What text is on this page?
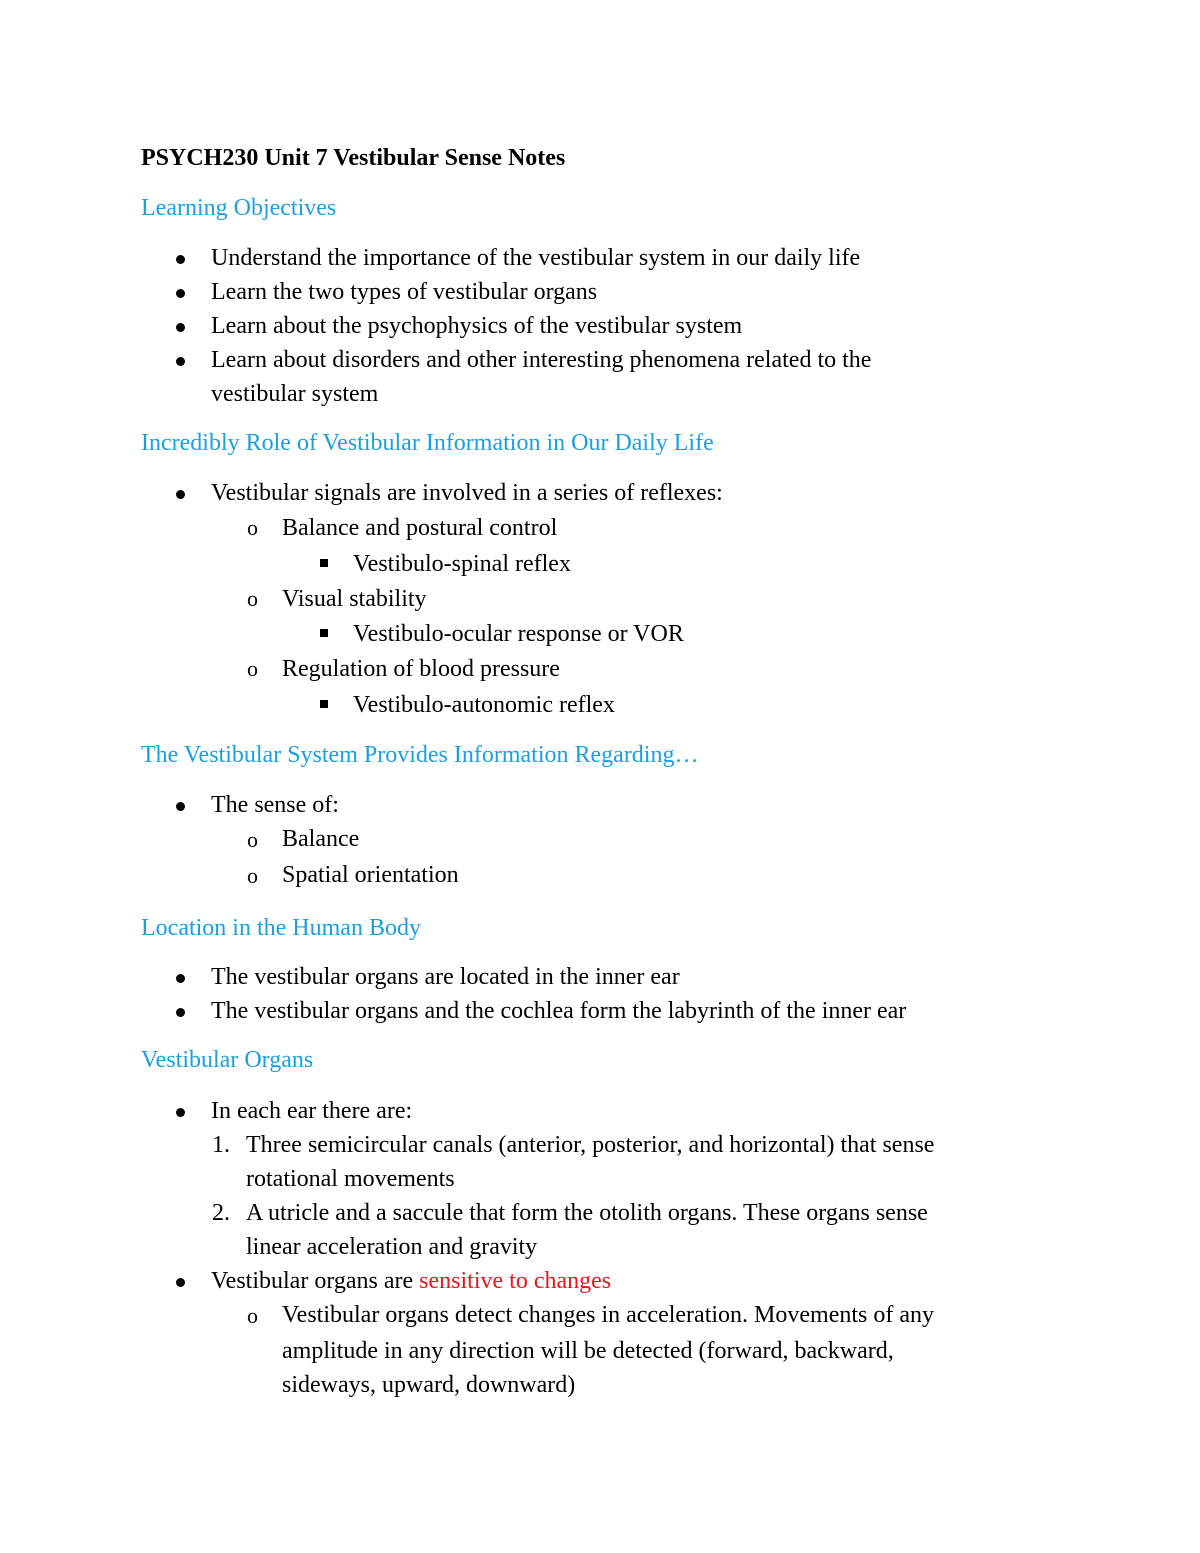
PSYCH230 Unit 7 Vestibular Sense Notes
Learning Objectives
Understand the importance of the vestibular system in our daily life
Learn the two types of vestibular organs
Learn about the psychophysics of the vestibular system
Learn about disorders and other interesting phenomena related to the
vestibular system
Incredibly Role of Vestibular Information in Our Daily Life
Vestibular signals are involved in a series of reflexes:
o Balance and postural control
Vestibulo-spinal reflex
o Visual stability
Vestibulo-ocular response or VOR
o Regulation of blood pressure
Vestibulo-autonomic reflex
The Vestibular System Provides Information Regarding…
The sense of:
o Balance
o Spatial orientation
Location in the Human Body
The vestibular organs are located in the inner ear
The vestibular organs and the cochlea form the labyrinth of the inner ear
Vestibular Organs
In each ear there are:
1. Three semicircular canals (anterior, posterior, and horizontal) that sense
rotational movements
2. A utricle and a saccule that form the otolith organs. These organs sense
linear acceleration and gravity
Vestibular organs are sensitive to changes
o Vestibular organs detect changes in acceleration. Movements of any
amplitude in any direction will be detected (forward, backward,
sideways, upward, downward)
